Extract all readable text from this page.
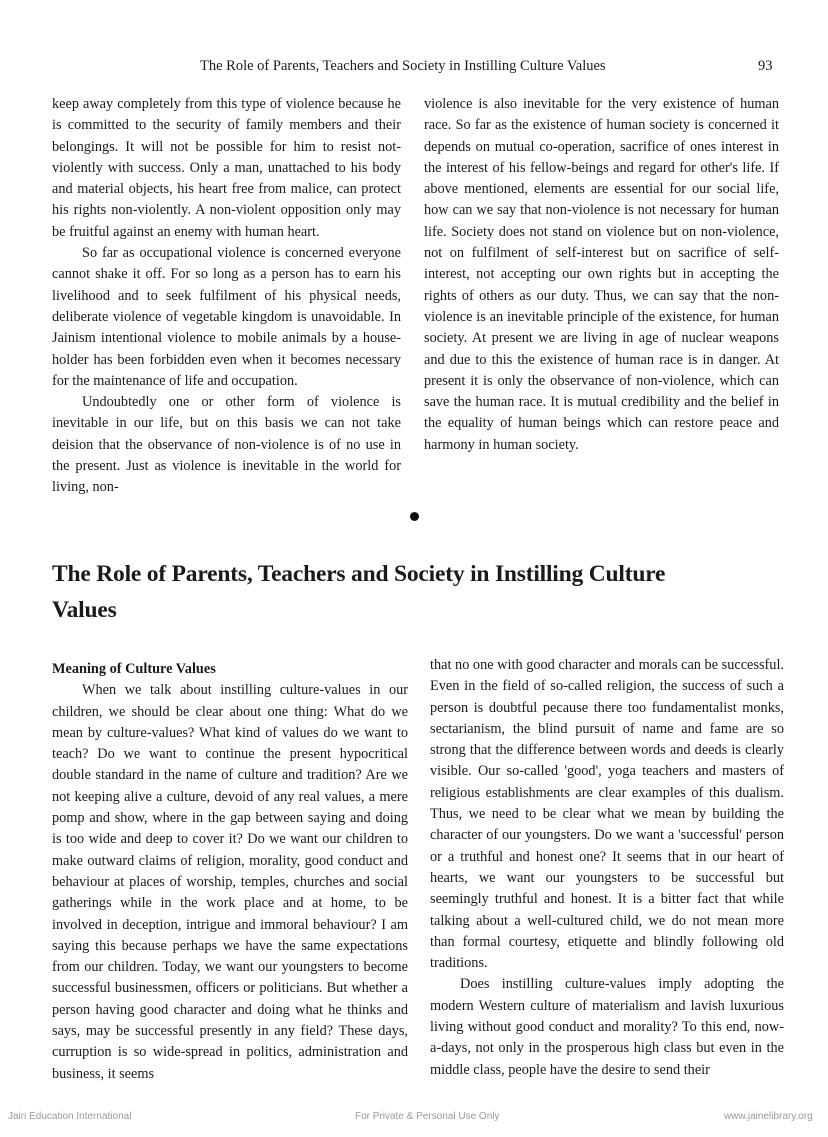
The Role of Parents, Teachers and Society in Instilling Culture Values	93

keep away completely from this type of violence because he is committed to the security of family members and their belongings. It will not be possible for him to resist not-violently with success. Only a man, unattached to his body and material objects, his heart free from malice, can protect his rights non-violently. A non-violent opposition only may be fruitful against an enemy with human heart.

So far as occupational violence is concerned everyone cannot shake it off. For so long as a person has to earn his livelihood and to seek fulfilment of his physical needs, deliberate violence of vegetable kingdom is unavoidable. In Jainism intentional violence to mobile animals by a house-holder has been forbidden even when it becomes necessary for the maintenance of life and occupation.

Undoubtedly one or other form of violence is inevitable in our life, but on this basis we can not take deision that the observance of non-violence is of no use in the present. Just as violence is inevitable in the world for living, non-

violence is also inevitable for the very existence of human race. So far as the existence of human society is concerned it depends on mutual co-operation, sacrifice of ones interest in the interest of his fellow-beings and regard for other's life. If above mentioned, elements are essential for our social life, how can we say that non-violence is not necessary for human life. Society does not stand on violence but on non-violence, not on fulfilment of self-interest but on sacrifice of self-interest, not accepting our own rights but in accepting the rights of others as our duty. Thus, we can say that the non-violence is an inevitable principle of the existence, for human society. At present we are living in age of nuclear weapons and due to this the existence of human race is in danger. At present it is only the observance of non-violence, which can save the human race. It is mutual credibility and the belief in the equality of human beings which can restore peace and harmony in human society.

The Role of Parents, Teachers and Society in Instilling Culture
Values

Meaning of Culture Values

When we talk about instilling culture-values in our children, we should be clear about one thing: What do we mean by culture-values? What kind of values do we want to teach? Do we want to continue the present hypocritical double standard in the name of culture and tradition? Are we not keeping alive a culture, devoid of any real values, a mere pomp and show, where in the gap between saying and doing is too wide and deep to cover it? Do we want our children to make outward claims of religion, morality, good conduct and behaviour at places of worship, temples, churches and social gatherings while in the work place and at home, to be involved in deception, intrigue and immoral behaviour? I am saying this because perhaps we have the same expectations from our children. Today, we want our youngsters to become successful businessmen, officers or politicians. But whether a person having good character and doing what he thinks and says, may be successful presently in any field? These days, curruption is so wide-spread in politics, administration and business, it seems

that no one with good character and morals can be successful. Even in the field of so-called religion, the success of such a person is doubtful pecause there too fundamentalist monks, sectarianism, the blind pursuit of name and fame are so strong that the difference between words and deeds is clearly visible. Our so-called 'good', yoga teachers and masters of religious establishments are clear examples of this dualism. Thus, we need to be clear what we mean by building the character of our youngsters. Do we want a 'successful' person or a truthful and honest one? It seems that in our heart of hearts, we want our youngsters to be successful but seemingly truthful and honest. It is a bitter fact that while talking about a well-cultured child, we do not mean more than formal courtesy, etiquette and blindly following old traditions.

Does instilling culture-values imply adopting the modern Western culture of materialism and lavish luxurious living without good conduct and morality? To this end, now-a-days, not only in the prosperous high class but even in the middle class, people have the desire to send their

Jain Education International	For Private & Personal Use Only	www.jainelibrary.org
